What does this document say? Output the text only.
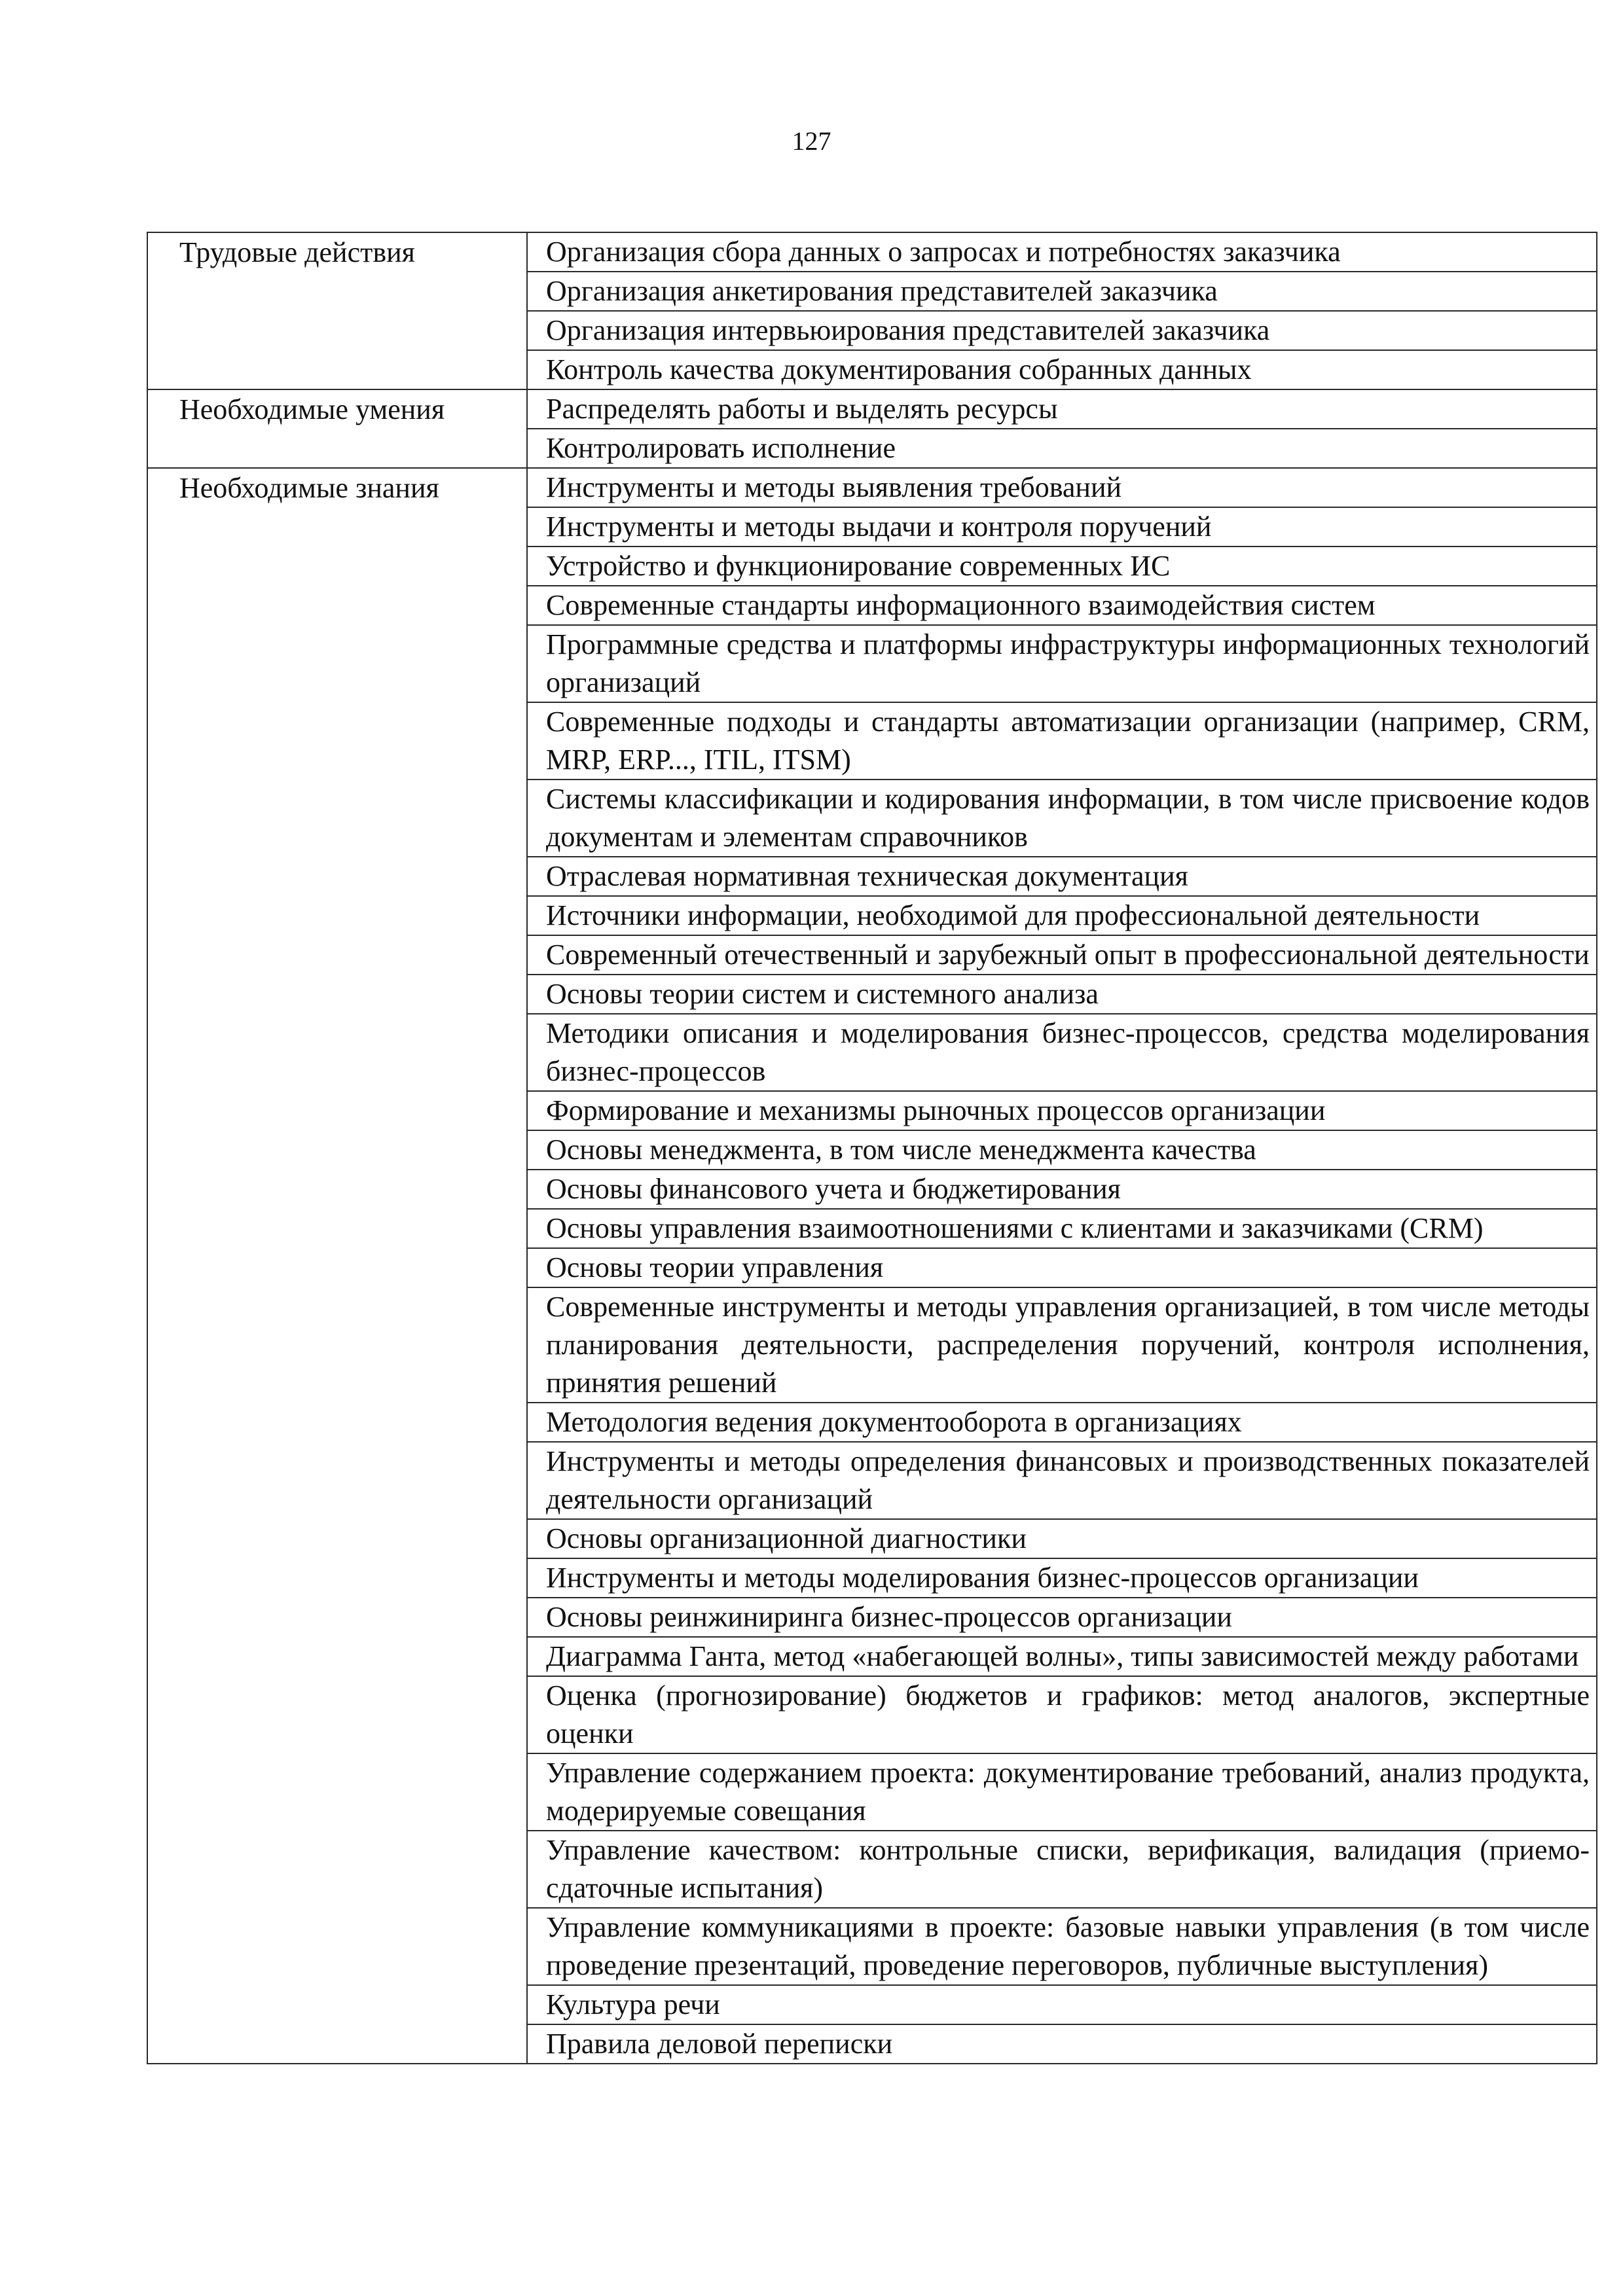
127
Трудовые действия	Организация сбора данных о запросах и потребностях заказчика
	Организация анкетирования представителей заказчика
	Организация интервьюирования представителей заказчика
	Контроль качества документирования собранных данных
Необходимые умения	Распределять работы и выделять ресурсы
	Контролировать исполнение
Необходимые знания	Инструменты и методы выявления требований
	Инструменты и методы выдачи и контроля поручений
	Устройство и функционирование современных ИС
	Современные стандарты информационного взаимодействия систем
	Программные средства и платформы инфраструктуры информационных технологий организаций
	Современные подходы и стандарты автоматизации организации (например, CRM, MRP, ERP..., ITIL, ITSM)
	Системы классификации и кодирования информации, в том числе присвоение кодов документам и элементам справочников
	Отраслевая нормативная техническая документация
	Источники информации, необходимой для профессиональной деятельности
	Современный отечественный и зарубежный опыт в профессиональной деятельности
	Основы теории систем и системного анализа
	Методики описания и моделирования бизнес-процессов, средства моделирования бизнес-процессов
	Формирование и механизмы рыночных процессов организации
	Основы менеджмента, в том числе менеджмента качества
	Основы финансового учета и бюджетирования
	Основы управления взаимоотношениями с клиентами и заказчиками (CRM)
	Основы теории управления
	Современные инструменты и методы управления организацией, в том числе методы планирования деятельности, распределения поручений, контроля исполнения, принятия решений
	Методология ведения документооборота в организациях
	Инструменты и методы определения финансовых и производственных показателей деятельности организаций
	Основы организационной диагностики
	Инструменты и методы моделирования бизнес-процессов организации
	Основы реинжиниринга бизнес-процессов организации
	Диаграмма Ганта, метод «набегающей волны», типы зависимостей между работами
	Оценка (прогнозирование) бюджетов и графиков: метод аналогов, экспертные оценки
	Управление содержанием проекта: документирование требований, анализ продукта, модерируемые совещания
	Управление качеством: контрольные списки, верификация, валидация (приемо-сдаточные испытания)
	Управление коммуникациями в проекте: базовые навыки управления (в том числе проведение презентаций, проведение переговоров, публичные выступления)
	Культура речи
	Правила деловой переписки
